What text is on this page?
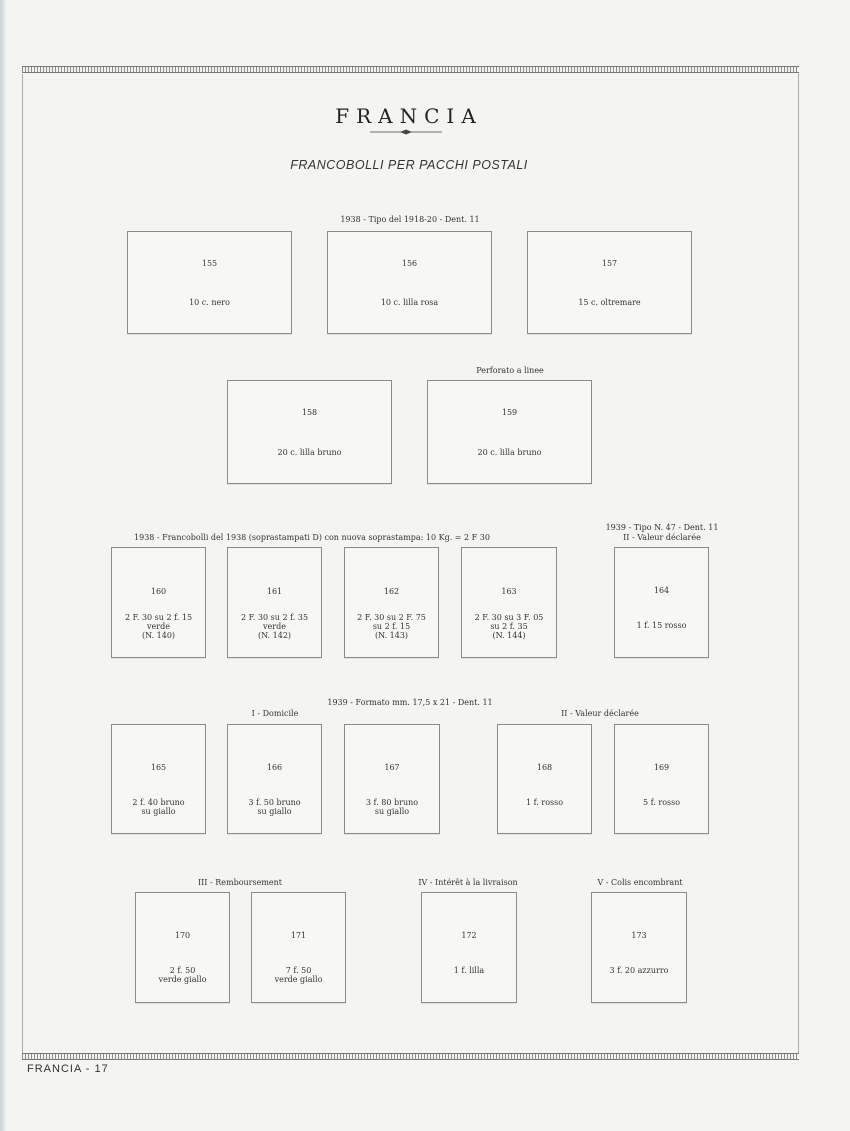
FRANCIA
FRANCOBOLLI PER PACCHI POSTALI
1938 - Tipo del 1918-20 - Dent. 11
Perforato a linee
1938 - Francobolli del 1938 (soprastampati D) con nuova soprastampa: 10 Kg. = 2 F 30
1939 - Tipo N. 47 - Dent. 11
II - Valeur déclarée
1939 - Formato mm. 17,5 x 21 - Dent. 11
I - Domicile	II - Valeur déclarée
III - Remboursement	IV - Intérêt à la livraison	V - Colis encombrant
155
10 c. nero
156
10 c. lilla rosa
157
15 c. oltremare
158
20 c. lilla bruno
159
20 c. lilla bruno
160
2 F. 30 su 2 f. 15
verde
(N. 140)
161
2 F. 30 su 2 f. 35
verde
(N. 142)
162
2 F. 30 su 2 F. 75
su 2 f. 15
(N. 143)
163
2 F. 30 su 3 F. 05
su 2 f. 35
(N. 144)
164
1 f. 15 rosso
165
2 f. 40 bruno
su giallo
166
3 f. 50 bruno
su giallo
167
3 f. 80 bruno
su giallo
168
1 f. rosso
169
5 f. rosso
170
2 f. 50
verde giallo
171
7 f. 50
verde giallo
172
1 f. lilla
173
3 f. 20 azzurro
FRANCIA - 17
